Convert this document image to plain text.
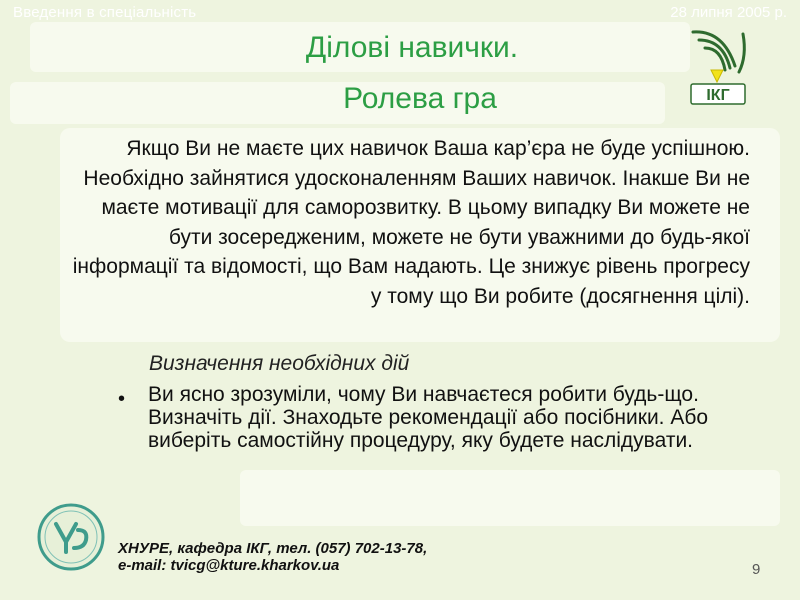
Введення в спеціальність	28 липня 2005 р.
Ділові навички.
Ролева гра	ІКГ

Якщо Ви не маєте цих навичок Ваша кар’єра не буде успішною. Необхідно зайнятися удосконаленням Ваших навичок. Інакше Ви не маєте мотивації для саморозвитку. В цьому випадку Ви можете не бути зосередженим, можете не бути уважними до будь-якої інформації та відомості, що Вам надають. Це знижує рівень прогресу у тому що Ви робите (досягнення цілі).

Визначення необхідних дій

• Ви ясно зрозуміли, чому Ви навчаєтеся робити будь-що. Визначіть дії. Знаходьте рекомендації або посібники. Або виберіть самостійну процедуру, яку будете наслідувати.

ХНУРЕ, кафедра ІКГ, тел. (057) 702-13-78,
e-mail: tvicg@kture.kharkov.ua	9
